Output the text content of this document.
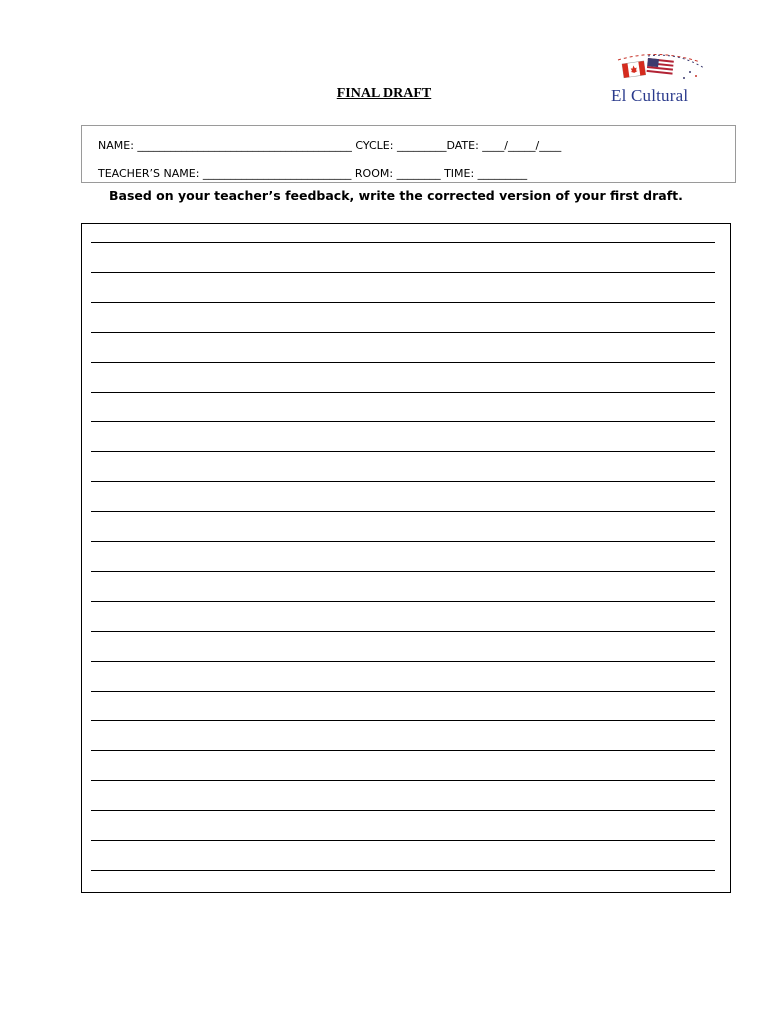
FINAL DRAFT	El Cultural
NAME: _______________________________________ CYCLE: _________DATE: ____/_____/____
TEACHER’S NAME: ___________________________ ROOM: ________ TIME: _________
Based on your teacher’s feedback, write the corrected version of your first draft.
